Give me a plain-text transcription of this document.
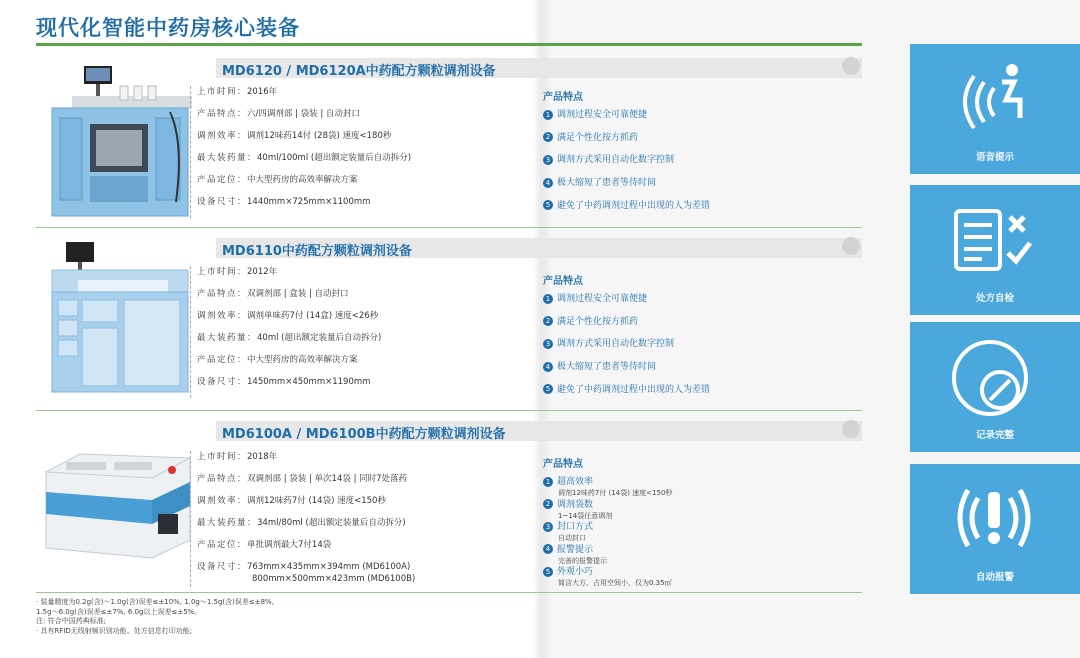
现代化智能中药房核心装备
MD6120 / MD6120A中药配方颗粒调剂设备
上市时间：2016年
产品特点：六/四调剂部 | 袋装 | 自动封口
调剂效率：调剂12味药14付 (28袋) 速度<180秒
最大装药量：40ml/100ml (超出额定装量后自动拆分)
产品定位：中大型药房的高效率解决方案
设备尺寸：1440mm×725mm×1100mm
产品特点
1 调剂过程安全可靠便捷
2 满足个性化按方抓药
3 调剂方式采用自动化数字控制
4 极大缩短了患者等待时间
5 避免了中药调剂过程中出现的人为差错
MD6110中药配方颗粒调剂设备
上市时间：2012年
产品特点：双调剂部 | 盒装 | 自动封口
调剂效率：调剂单味药7付 (14盒) 速度<26秒
最大装药量：40ml (超出额定装量后自动拆分)
产品定位：中大型药房的高效率解决方案
设备尺寸：1450mm×450mm×1190mm
产品特点
1 调剂过程安全可靠便捷
2 满足个性化按方抓药
3 调剂方式采用自动化数字控制
4 极大缩短了患者等待时间
5 避免了中药调剂过程中出现的人为差错
MD6100A / MD6100B中药配方颗粒调剂设备
上市时间：2018年
产品特点：双调剂部 | 袋装 | 单次14袋 | 同时7处落药
调剂效率：调剂12味药7付 (14袋) 速度<150秒
最大装药量：34ml/80ml (超出额定装量后自动拆分)
产品定位：单批调剂最大7付14袋
设备尺寸：763mm×435mm×394mm (MD6100A)
800mm×500mm×423mm (MD6100B)
产品特点
1 超高效率
调剂12味药7付 (14袋) 速度<150秒
2 调剂袋数
1~14袋任意调剂
3 封口方式
自动封口
4 报警提示
完善的报警提示
5 外观小巧
简洁大方、占用空间小，仅为0.35㎡
· 装量精度为0.2g(含)～1.0g(含)误差≤±10%, 1.0g～1.5g(含)误差≤±8%,
1.5g～6.0g(含)误差≤±7%, 6.0g以上误差≤±5%。
注: 符合中国药典标准;
· 具有RFID无线射频识别功能、处方信息打印功能;
语音提示
处方自检
记录完整
自动报警
